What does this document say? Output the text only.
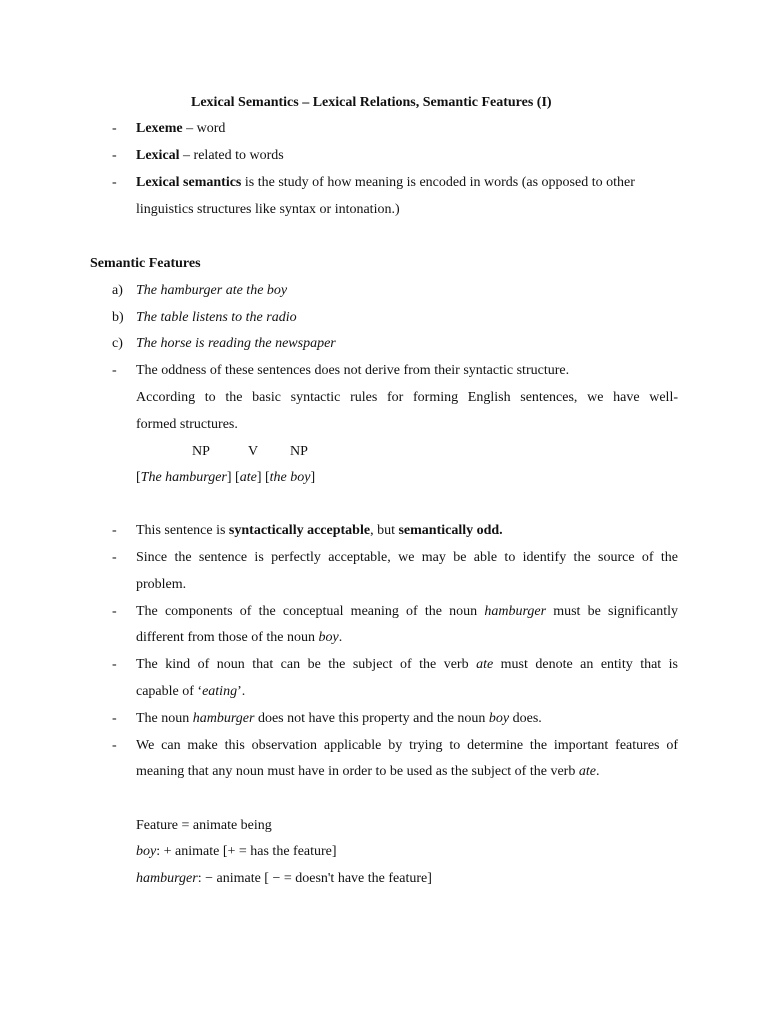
Lexical Semantics – Lexical Relations, Semantic Features (I)
-	Lexeme – word
-	Lexical – related to words
-	Lexical semantics is the study of how meaning is encoded in words (as opposed to other
linguistics structures like syntax or intonation.)
Semantic Features
a) The hamburger ate the boy
b) The table listens to the radio
c) The horse is reading the newspaper
-	The oddness of these sentences does not derive from their syntactic structure.
According to the basic syntactic rules for forming English sentences, we have well-
formed structures.
NP	V NP
[The hamburger] [ate] [the boy]
-	This sentence is syntactically acceptable, but semantically odd.
-	Since the sentence is perfectly acceptable, we may be able to identify the source of the
problem.
-	The components of the conceptual meaning of the noun hamburger must be significantly
different from those of the noun boy.
-	The kind of noun that can be the subject of the verb ate must denote an entity that is
capable of ‘eating’.
-	The noun hamburger does not have this property and the noun boy does.
-	We can make this observation applicable by trying to determine the important features of
meaning that any noun must have in order to be used as the subject of the verb ate.
Feature = animate being
boy: + animate [+ = has the feature]
hamburger: − animate [ − = doesn't have the feature]
